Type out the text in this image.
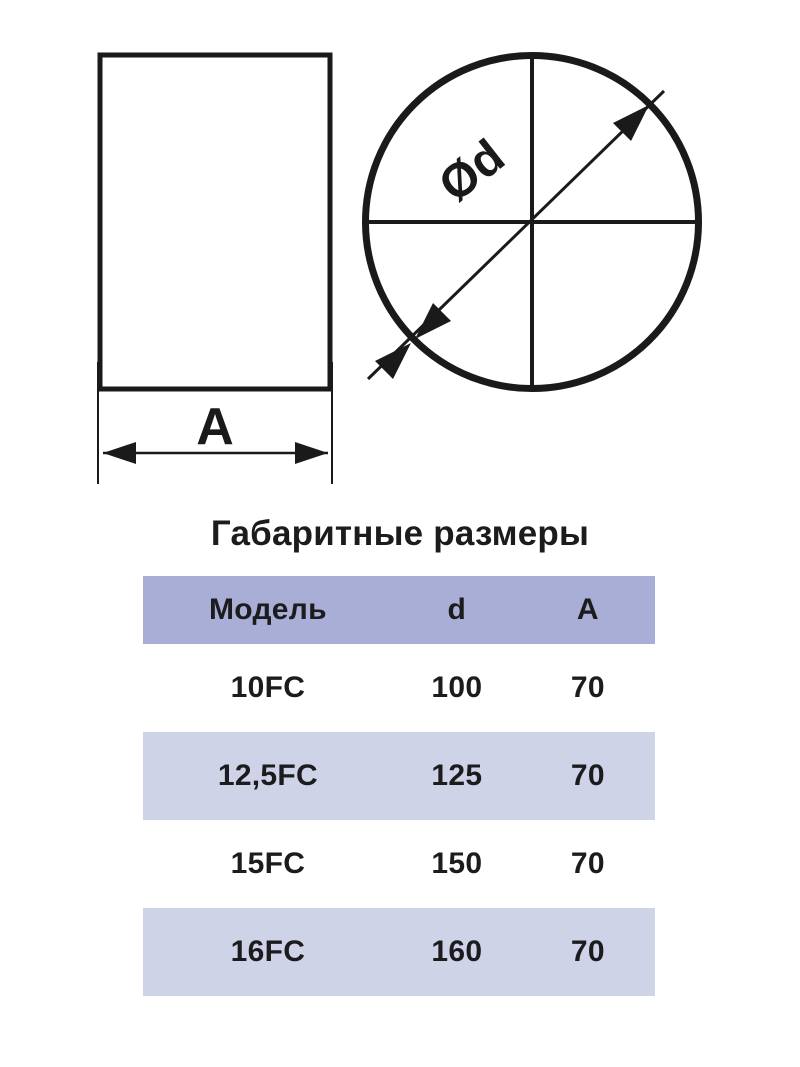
A
Ød
Габаритные размеры
Модель	d	A
10FC	100	70
12,5FC	125	70
15FC	150	70
16FC	160	70
